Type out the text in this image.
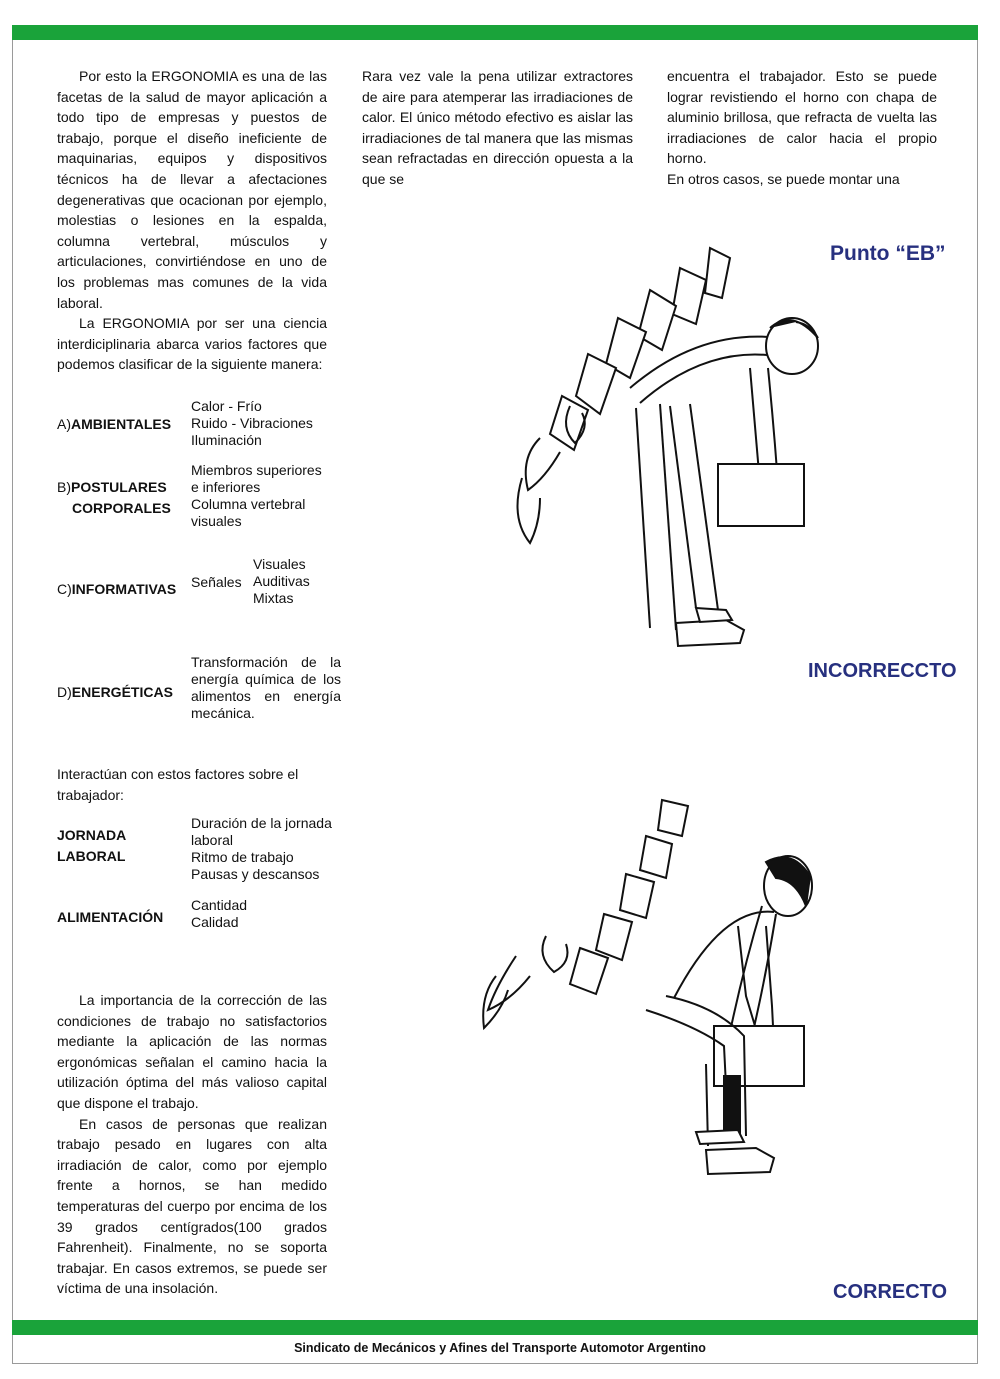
Por esto la ERGONOMIA es una de las facetas de la salud de mayor aplicación a todo tipo de empresas y puestos de trabajo, porque el diseño ineficiente de maquinarias, equipos y dispositivos técnicos ha de llevar a afectaciones degenerativas que ocacionan por ejemplo, molestias o lesiones en la espalda, columna vertebral, músculos y articulaciones, convirtiéndose en uno de los problemas mas comunes de la vida laboral.

La ERGONOMIA por ser una ciencia interdiciplinaria abarca varios factores que podemos clasificar de la siguiente manera:

A)AMBIENTALES
Calor - Frío
Ruido - Vibraciones
Iluminación
B)POSTULARES
CORPORALES
Miembros superiores
e inferiores
Columna vertebral
visuales
C)INFORMATIVAS Señales
Visuales
Auditivas
Mixtas
D)ENERGÉTICAS
Transformación de la energía química de los alimentos en energía mecánica.
Interactúan con estos factores sobre el trabajador:
JORNADA
LABORAL
Duración de la jornada
laboral
Ritmo de trabajo
Pausas y descansos
ALIMENTACIÓN
Cantidad
Calidad

La importancia de la corrección de las condiciones de trabajo no satisfactorios mediante la aplicación de las normas ergonómicas señalan el camino hacia la utilización óptima del más valioso capital que dispone el trabajo.

En casos de personas que realizan trabajo pesado en lugares con alta irradiación de calor, como por ejemplo frente a hornos, se han medido temperaturas del cuerpo por encima de los 39 grados centígrados(100 grados Fahrenheit). Finalmente, no se soporta trabajar. En casos extremos, se puede ser víctima de una insolación.

Rara vez vale la pena utilizar extractores de aire para atemperar las irradiaciones de calor. El único método efectivo es aislar las irradiaciones de tal manera que las mismas sean refractadas en dirección opuesta a la que se

encuentra el trabajador. Esto se puede lograr revistiendo el horno con chapa de aluminio brillosa, que refracta de vuelta las irradiaciones de calor hacia el propio horno.

En otros casos, se puede montar una

Punto “EB”
INCORRECCTO
CORRECTO
Sindicato de Mecánicos y Afines del Transporte Automotor Argentino
